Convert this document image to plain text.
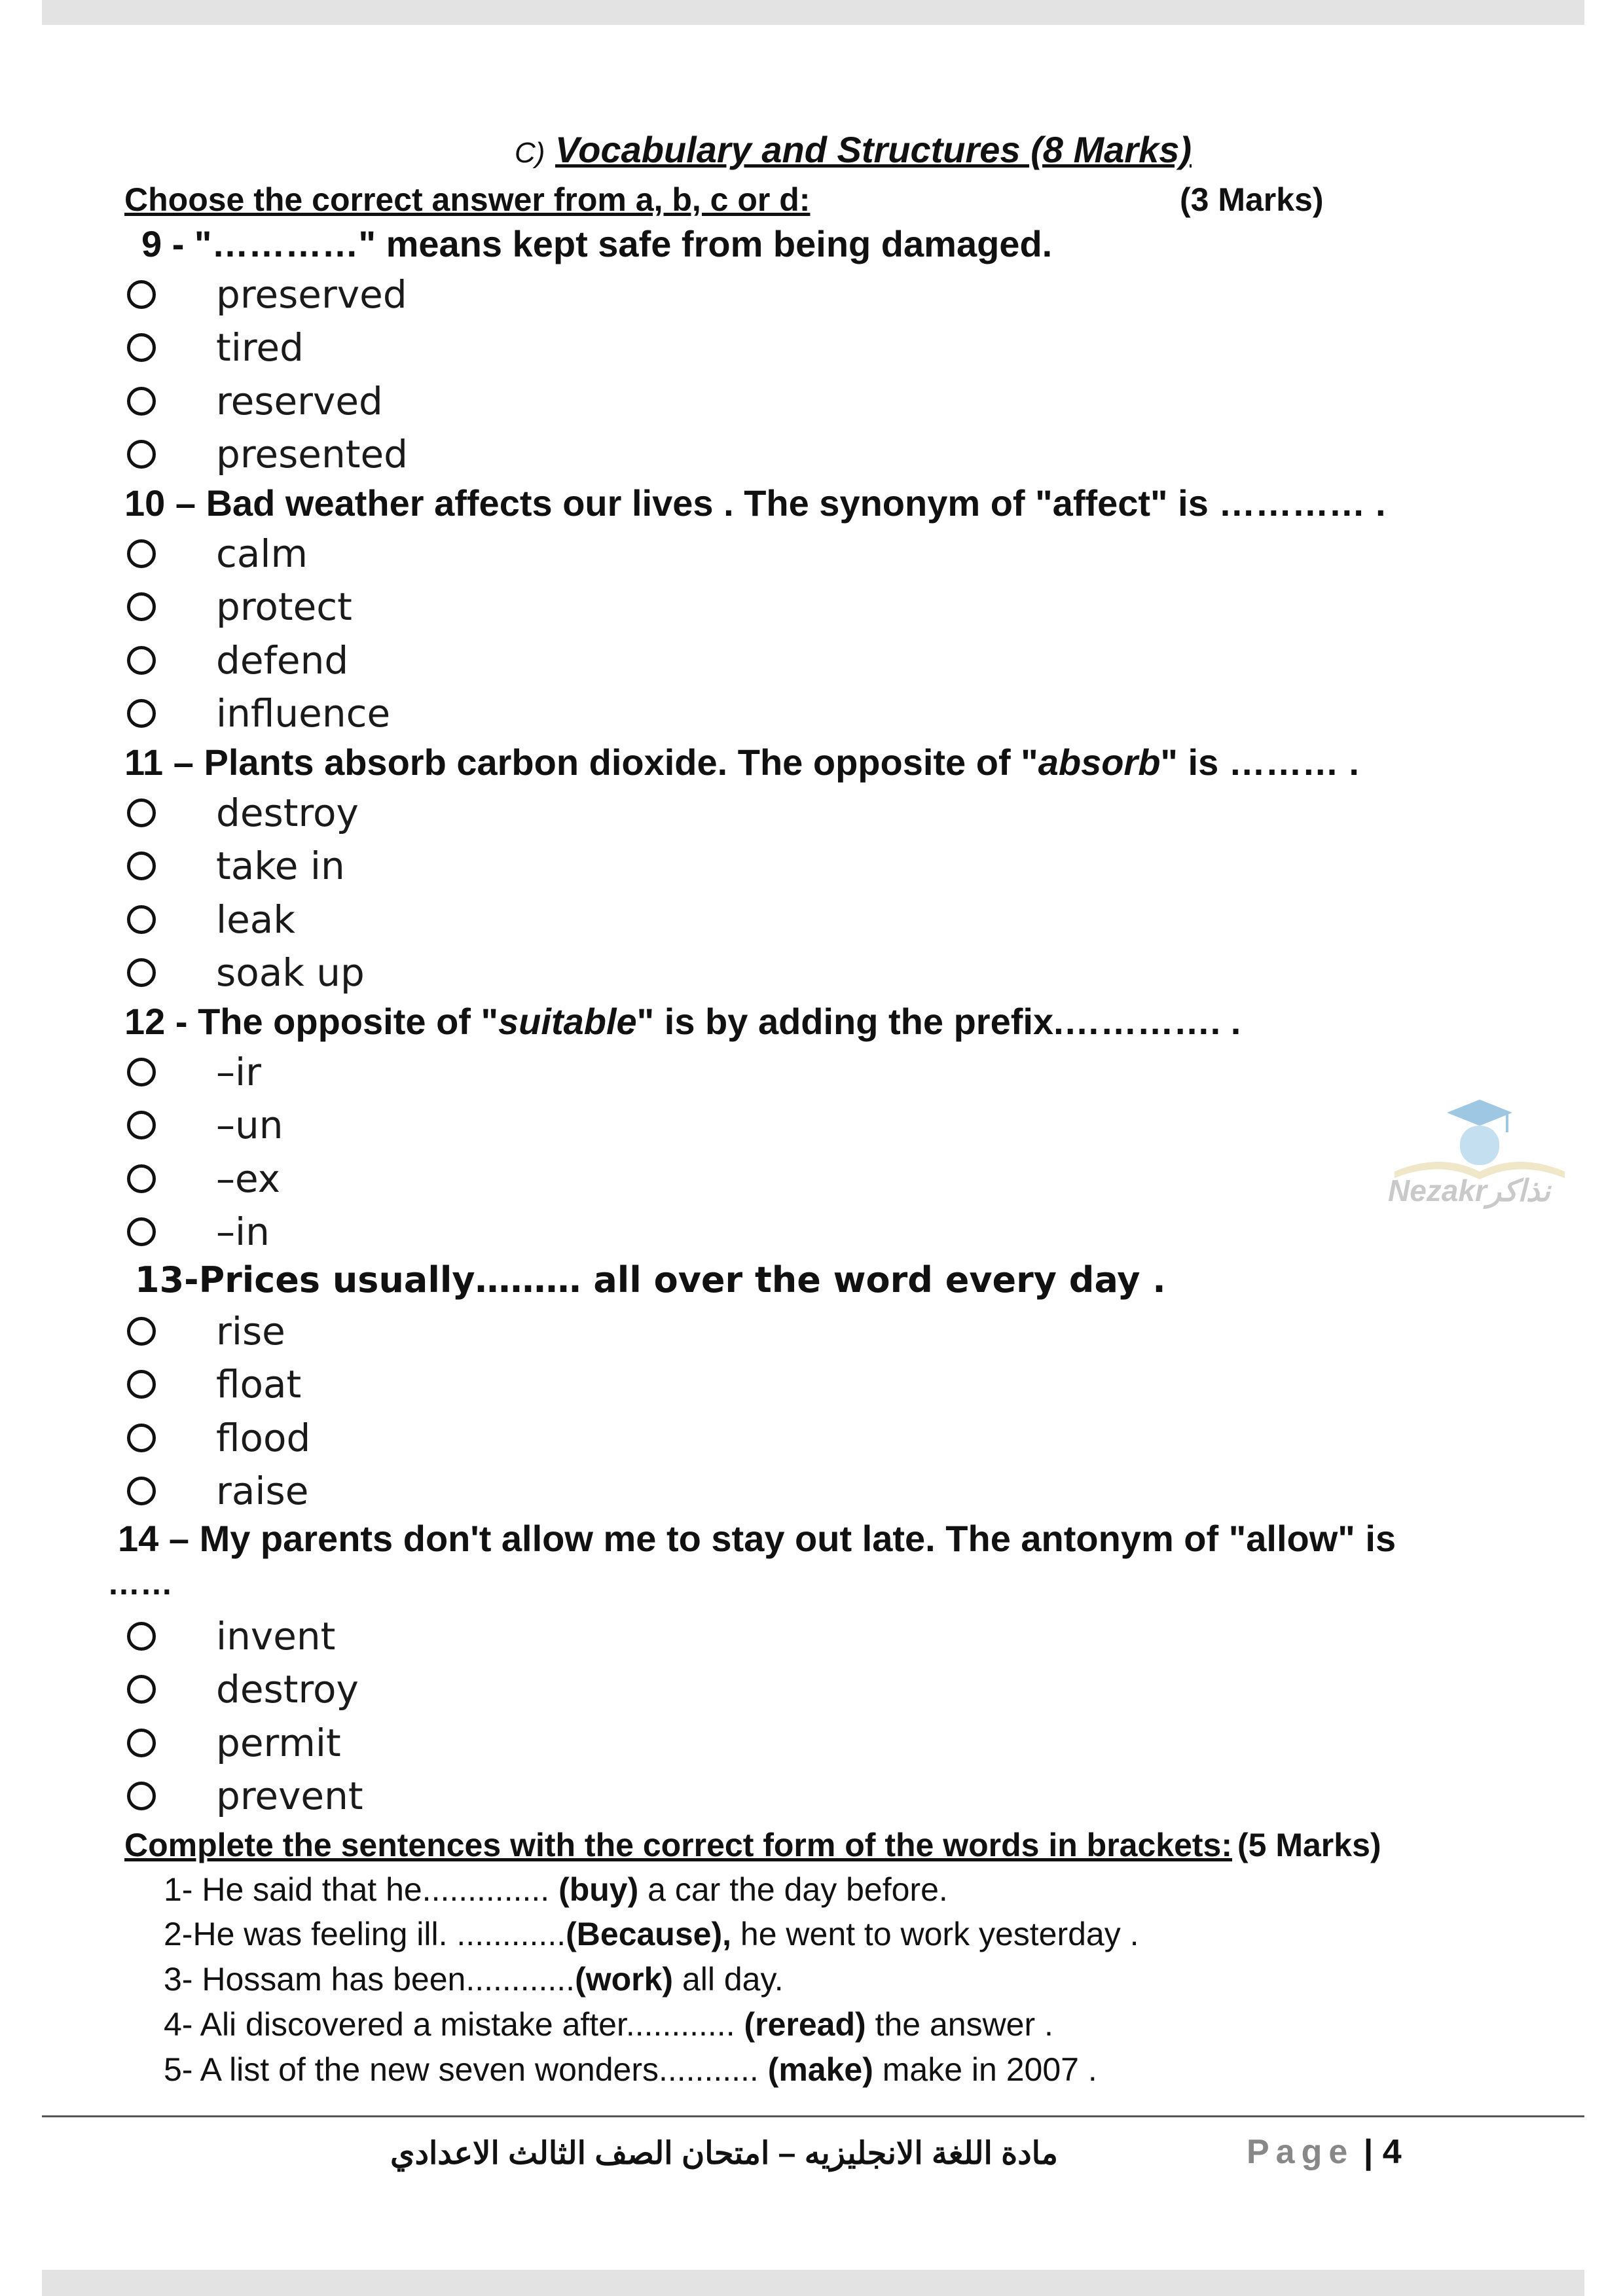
C) Vocabulary and Structures (8 Marks)
Choose the correct answer from a, b, c or d:	(3 Marks)
9 - "…………" means kept safe from being damaged.
preserved
tired
reserved
presented
10 – Bad weather affects our lives . The synonym of "affect" is ………… .
calm
protect
defend
influence
11 – Plants absorb carbon dioxide. The opposite of "absorb" is ……… .
destroy
take in
leak
soak up
12 - The opposite of "suitable" is by adding the prefix.…………. .
–ir
–un
–ex
–in
Nezakrنذاكر
13-Prices usually……… all over the word every day .
rise
float
flood
raise
14 – My parents don't allow me to stay out late. The antonym of "allow" is
……
invent
destroy
permit
prevent
Complete the sentences with the correct form of the words in brackets: (5 Marks)
1- He said that he.............. (buy) a car the day before.
2-He was feeling ill. ............(Because), he went to work yesterday .
3- Hossam has been............(work) all day.
4- Ali discovered a mistake after............ (reread) the answer .
5- A list of the new seven wonders........... (make) make in 2007 .
مادة اللغة الانجليزيه – امتحان الصف الثالث الاعدادي	Page | 4
